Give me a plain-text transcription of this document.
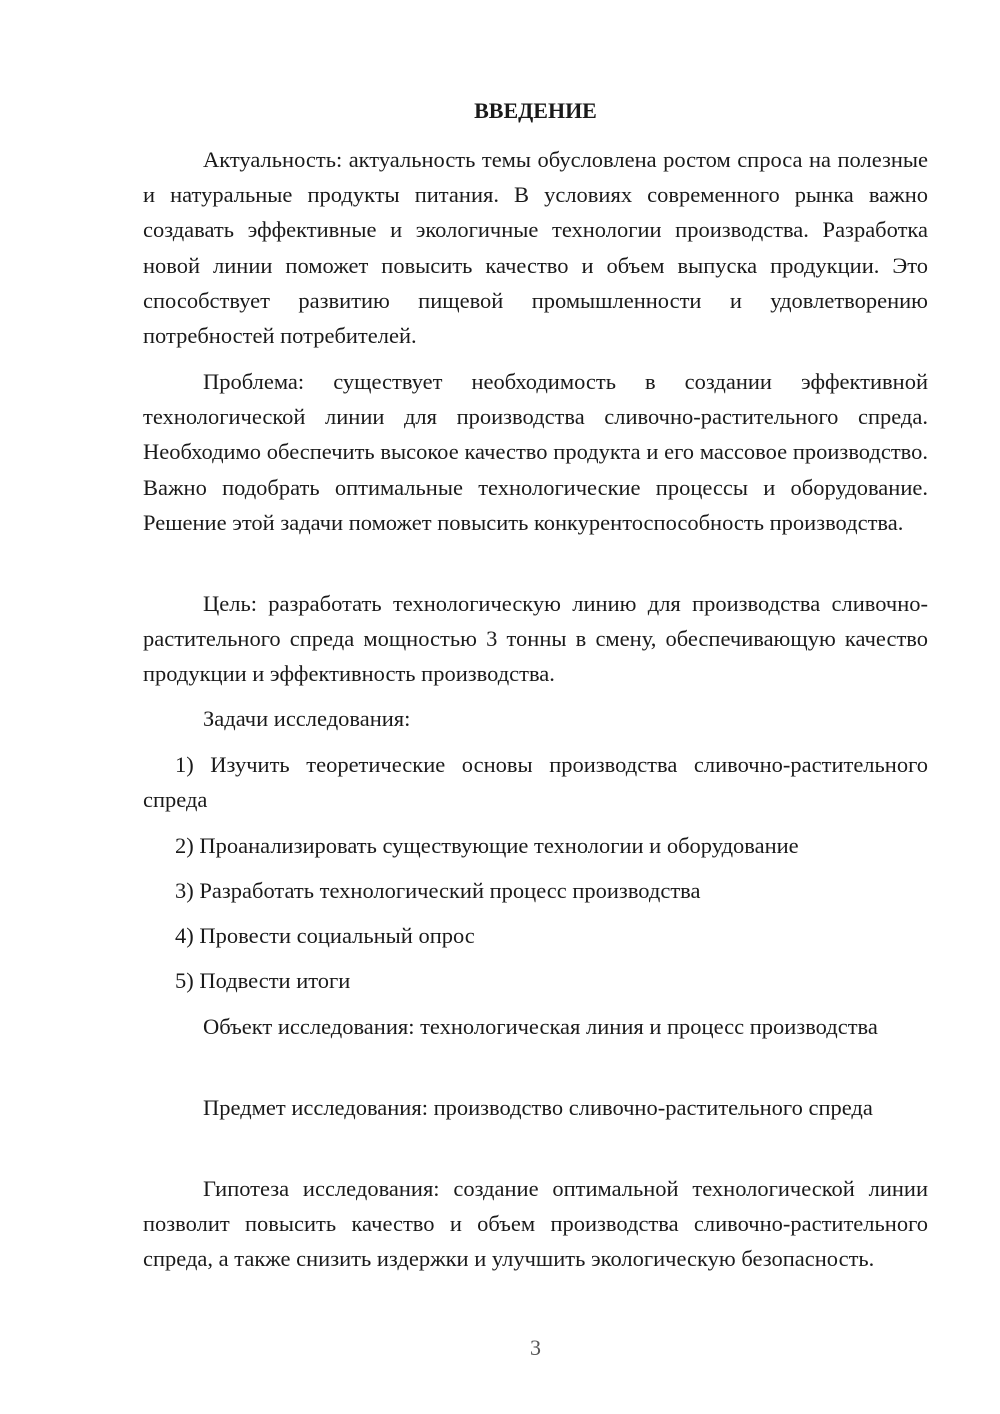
ВВЕДЕНИЕ

Актуальность: актуальность темы обусловлена ростом спроса на полезные и натуральные продукты питания. В условиях современного рынка важно создавать эффективные и экологичные технологии производства. Разработка новой линии поможет повысить качество и объем выпуска продукции. Это способствует развитию пищевой промышленности и удовлетворению потребностей потребителей.

Проблема: существует необходимость в создании эффективной технологической линии для производства сливочно-растительного спреда. Необходимо обеспечить высокое качество продукта и его массовое производство. Важно подобрать оптимальные технологические процессы и оборудование. Решение этой задачи поможет повысить конкурентоспособность производства.

Цель: разработать технологическую линию для производства сливочно-растительного спреда мощностью 3 тонны в смену, обеспечивающую качество продукции и эффективность производства.

Задачи исследования:

1) Изучить теоретические основы производства сливочно-растительного спреда

2) Проанализировать существующие технологии и оборудование
3) Разработать технологический процесс производства
4) Провести социальный опрос
5) Подвести итоги

Объект исследования: технологическая линия и процесс производства

Предмет исследования: производство сливочно-растительного спреда

Гипотеза исследования: создание оптимальной технологической линии позволит повысить качество и объем производства сливочно-растительного спреда, а также снизить издержки и улучшить экологическую безопасность.

3
